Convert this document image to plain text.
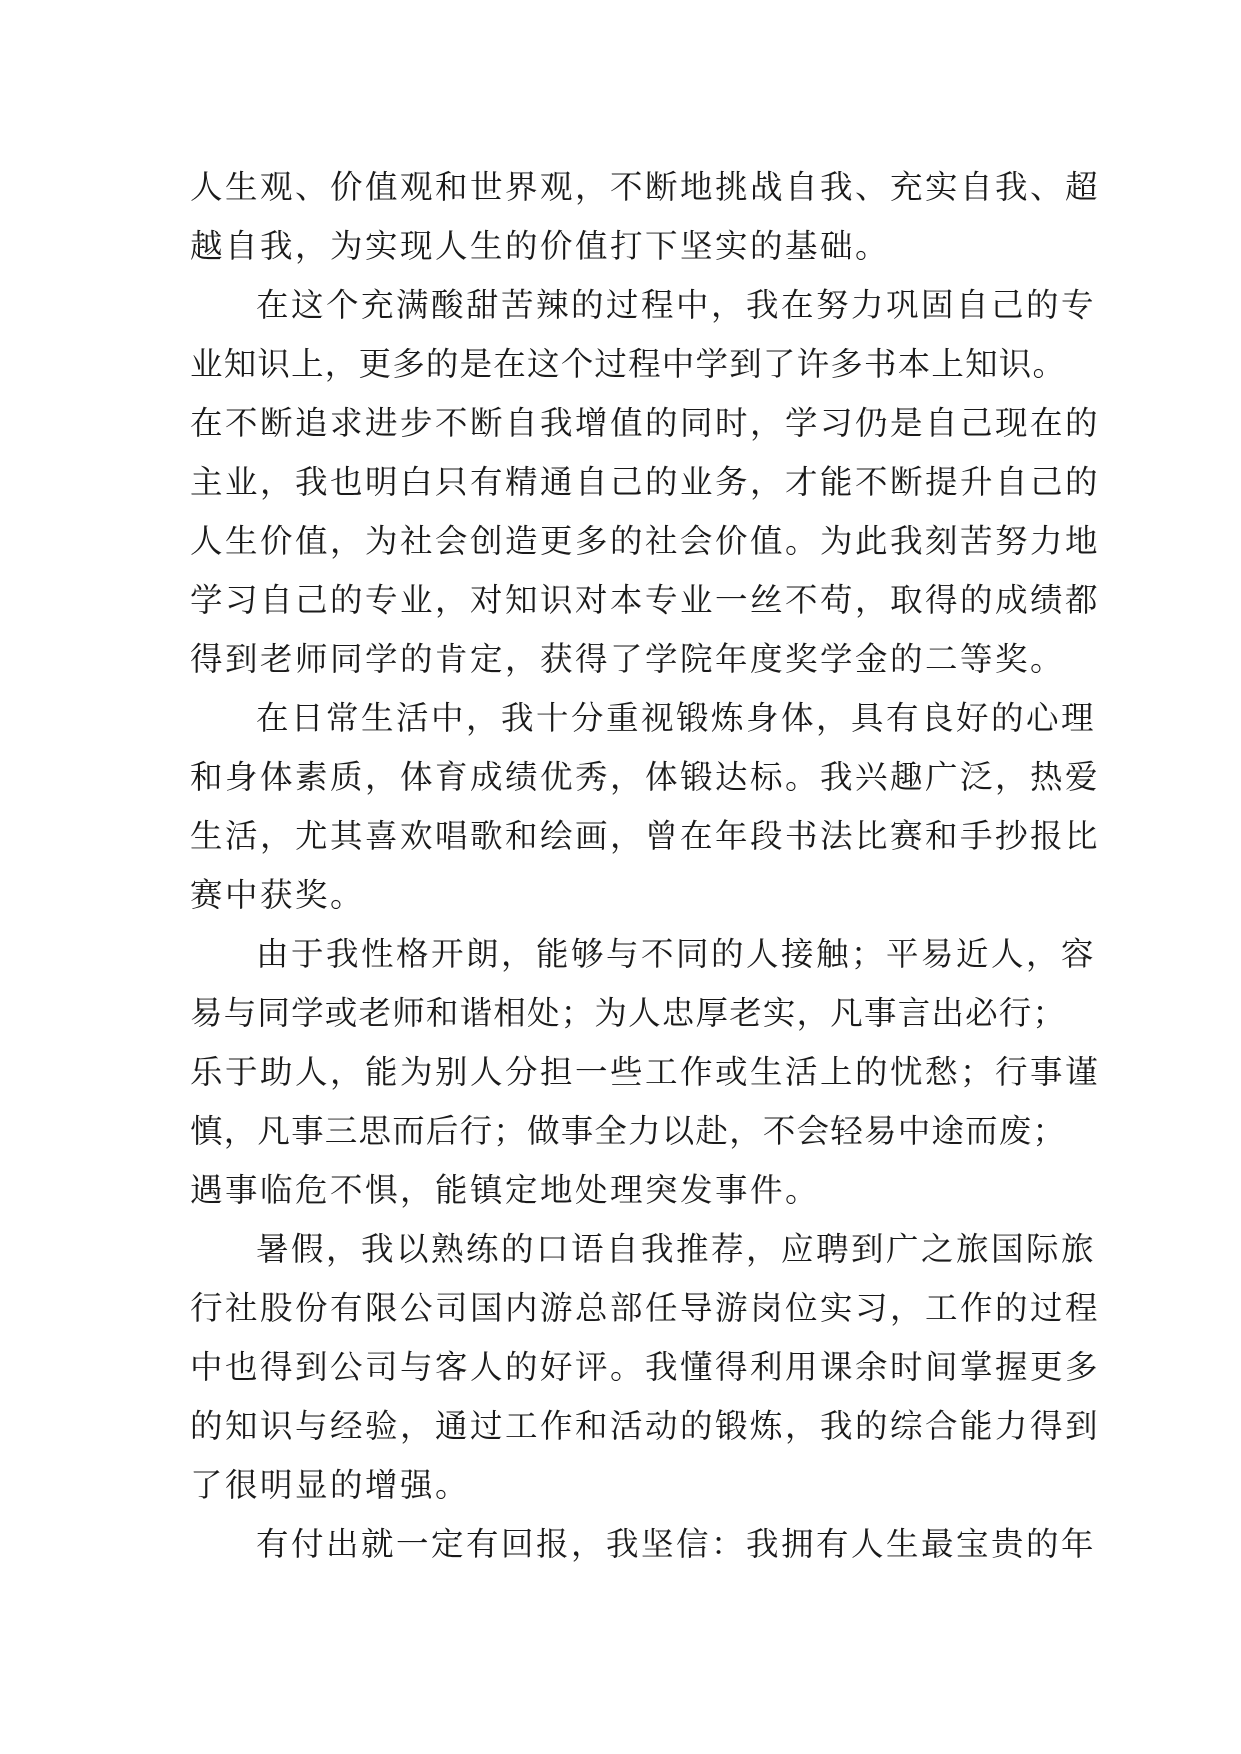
人生观、价值观和世界观，不断地挑战自我、充实自我、超
越自我，为实现人生的价值打下坚实的基础。
在这个充满酸甜苦辣的过程中，我在努力巩固自己的专
业知识上，更多的是在这个过程中学到了许多书本上知识。
在不断追求进步不断自我增值的同时，学习仍是自己现在的
主业，我也明白只有精通自己的业务，才能不断提升自己的
人生价值，为社会创造更多的社会价值。为此我刻苦努力地
学习自己的专业，对知识对本专业一丝不苟，取得的成绩都
得到老师同学的肯定，获得了学院年度奖学金的二等奖。
在日常生活中，我十分重视锻炼身体，具有良好的心理
和身体素质，体育成绩优秀，体锻达标。我兴趣广泛，热爱
生活，尤其喜欢唱歌和绘画，曾在年段书法比赛和手抄报比
赛中获奖。
由于我性格开朗，能够与不同的人接触；平易近人，容
易与同学或老师和谐相处；为人忠厚老实，凡事言出必行；
乐于助人，能为别人分担一些工作或生活上的忧愁；行事谨
慎，凡事三思而后行；做事全力以赴，不会轻易中途而废；
遇事临危不惧，能镇定地处理突发事件。
暑假，我以熟练的口语自我推荐，应聘到广之旅国际旅
行社股份有限公司国内游总部任导游岗位实习，工作的过程
中也得到公司与客人的好评。我懂得利用课余时间掌握更多
的知识与经验，通过工作和活动的锻炼，我的综合能力得到
了很明显的增强。
有付出就一定有回报，我坚信：我拥有人生最宝贵的年
